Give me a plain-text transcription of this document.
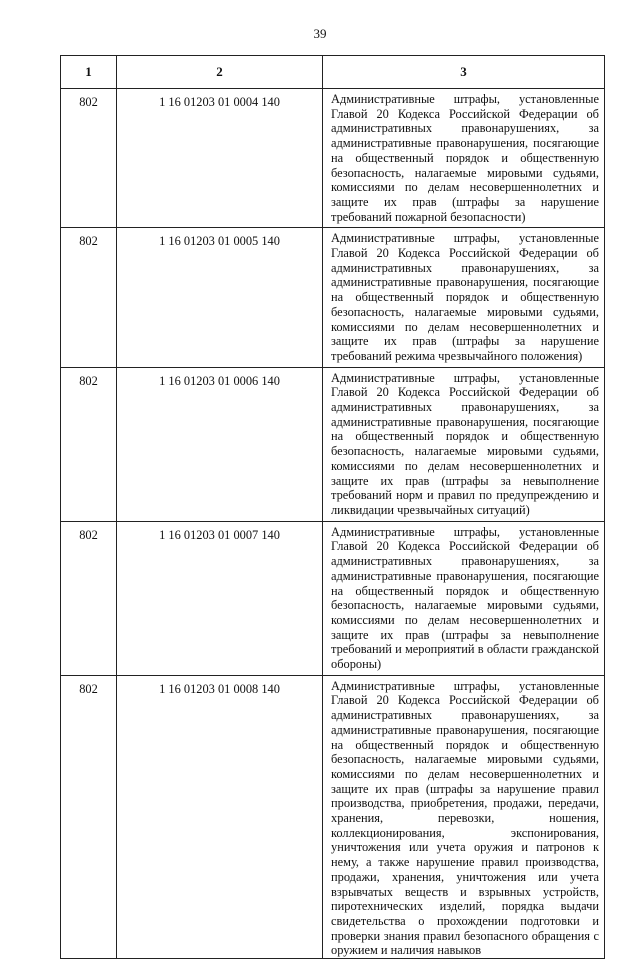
39
1	2	3
802	1 16 01203 01 0004 140	Административные штрафы, установленные Главой 20 Кодекса Российской Федерации об административных правонарушениях, за административные правонарушения, посягающие на общественный порядок и общественную безопасность, налагаемые мировыми судьями, комиссиями по делам несовершеннолетних и защите их прав (штрафы за нарушение требований пожарной безопасности)
802	1 16 01203 01 0005 140	Административные штрафы, установленные Главой 20 Кодекса Российской Федерации об административных правонарушениях, за административные правонарушения, посягающие на общественный порядок и общественную безопасность, налагаемые мировыми судьями, комиссиями по делам несовершеннолетних и защите их прав (штрафы за нарушение требований режима чрезвычайного положения)
802	1 16 01203 01 0006 140	Административные штрафы, установленные Главой 20 Кодекса Российской Федерации об административных правонарушениях, за административные правонарушения, посягающие на общественный порядок и общественную безопасность, налагаемые мировыми судьями, комиссиями по делам несовершеннолетних и защите их прав (штрафы за невыполнение требований норм и правил по предупреждению и ликвидации чрезвычайных ситуаций)
802	1 16 01203 01 0007 140	Административные штрафы, установленные Главой 20 Кодекса Российской Федерации об административных правонарушениях, за административные правонарушения, посягающие на общественный порядок и общественную безопасность, налагаемые мировыми судьями, комиссиями по делам несовершеннолетних и защите их прав (штрафы за невыполнение требований и мероприятий в области гражданской обороны)
802	1 16 01203 01 0008 140	Административные штрафы, установленные Главой 20 Кодекса Российской Федерации об административных правонарушениях, за административные правонарушения, посягающие на общественный порядок и общественную безопасность, налагаемые мировыми судьями, комиссиями по делам несовершеннолетних и защите их прав (штрафы за нарушение правил производства, приобретения, продажи, передачи, хранения, перевозки, ношения, коллекционирования, экспонирования, уничтожения или учета оружия и патронов к нему, а также нарушение правил производства, продажи, хранения, уничтожения или учета взрывчатых веществ и взрывных устройств, пиротехнических изделий, порядка выдачи свидетельства о прохождении подготовки и проверки знания правил безопасного обращения с оружием и наличия навыков
